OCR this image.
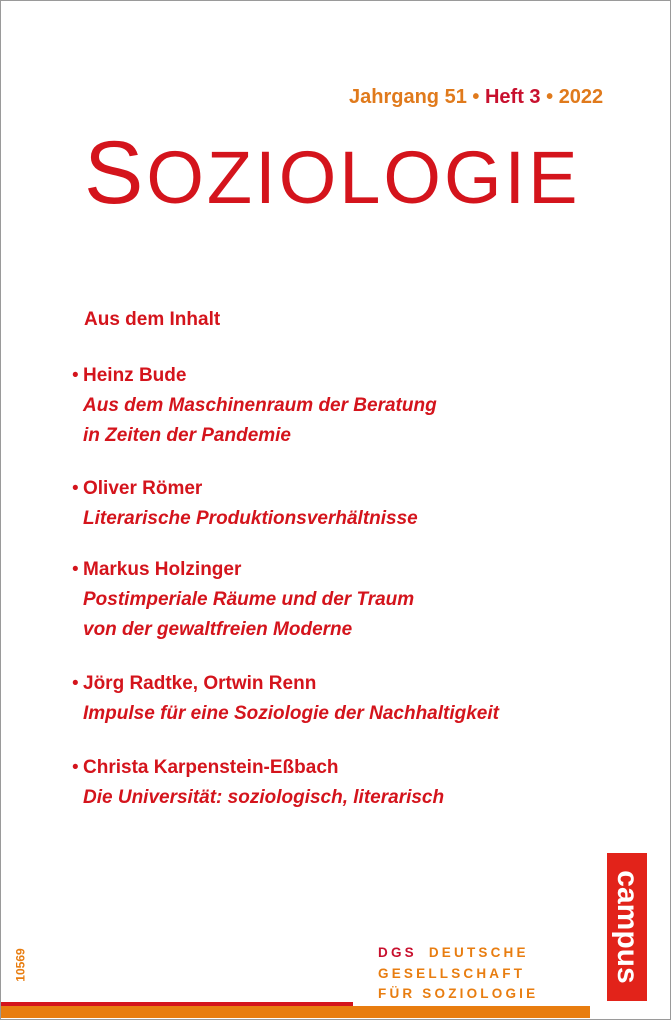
Jahrgang 51 • Heft 3 • 2022
SOZIOLOGIE
Aus dem Inhalt
• Heinz Bude
Aus dem Maschinenraum der Beratung
in Zeiten der Pandemie
• Oliver Römer
Literarische Produktionsverhältnisse
• Markus Holzinger
Postimperiale Räume und der Traum
von der gewaltfreien Moderne
• Jörg Radtke, Ortwin Renn
Impulse für eine Soziologie der Nachhaltigkeit
• Christa Karpenstein-Eßbach
Die Universität: soziologisch, literarisch
campus
DGS DEUTSCHE
GESELLSCHAFT
FÜR SOZIOLOGIE
10569
